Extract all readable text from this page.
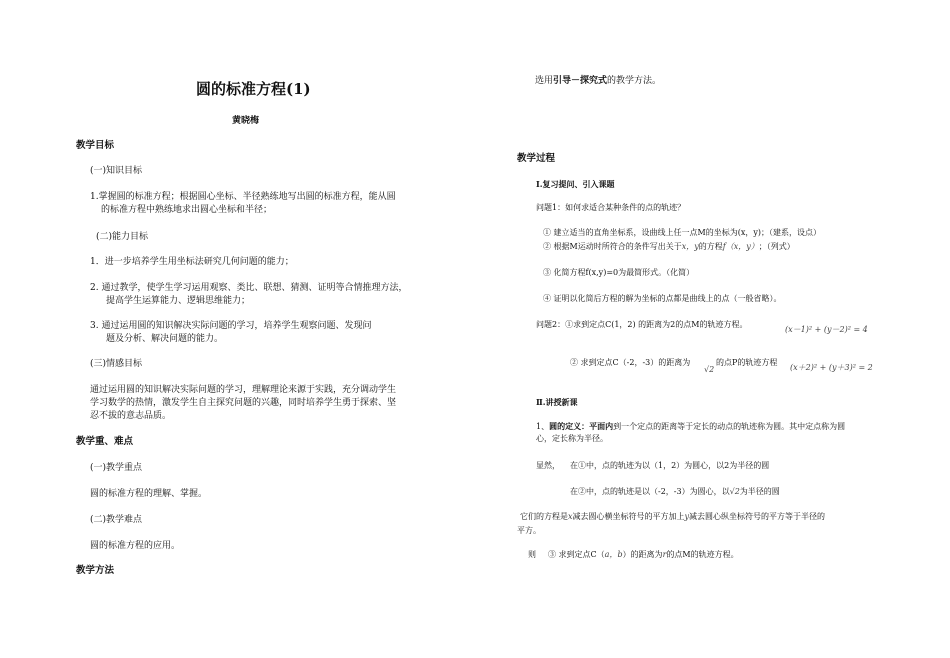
圆的标准方程(1)
黄晓梅
教学目标
(一)知识目标
1.掌握圆的标准方程；根据圆心坐标、半径熟练地写出圆的标准方程，能从圆
的标准方程中熟练地求出圆心坐标和半径；
(二)能力目标
1．进一步培养学生用坐标法研究几何问题的能力；
2. 通过教学，使学生学习运用观察、类比、联想、猜测、证明等合情推理方法，
提高学生运算能力、逻辑思维能力；
3. 通过运用圆的知识解决实际问题的学习，培养学生观察问题、发现问
题及分析、解决问题的能力。
(三)情感目标
通过运用圆的知识解决实际问题的学习，理解理论来源于实践，充分调动学生
学习数学的热情，激发学生自主探究问题的兴趣，同时培养学生勇于探索、坚
忍不拔的意志品质。
教学重、难点
(一)教学重点
圆的标准方程的理解、掌握。
(二)教学难点
圆的标准方程的应用。
教学方法
选用引导－探究式的教学方法。
教学过程
Ⅰ.复习提问、引入课题
问题1：如何求适合某种条件的点的轨迹？
① 建立适当的直角坐标系，设曲线上任一点M的坐标为(x，y)；（建系，设点）
② 根据M运动时所符合的条件写出关于x，y的方程f（x，y）；（列式）
③ 化简方程f(x,y)=0为最简形式。（化简）
④ 证明以化简后方程的解为坐标的点都是曲线上的点（一般省略）。
问题2：①求到定点C(1，2) 的距离为2的点M的轨迹方程。
(x－1)² + (y－2)² = 4
② 求到定点C（-2，-3）的距离为
√2
的点P的轨迹方程
(x＋2)² + (y＋3)² = 2
Ⅱ.讲授新课
1、圆的定义：平面内到一个定点的距离等于定长的动点的轨迹称为圆。其中定点称为圆
心，定长称为半径。
显然， 在①中，点的轨迹为以（1，2）为圆心，以2为半径的圆
在②中，点的轨迹是以（-2，-3）为圆心，以√2为半径的圆
它们的方程是x减去圆心横坐标符号的平方加上y减去圆心纵坐标符号的平方等于半径的
平方。
则 ③ 求到定点C（a，b）的距离为r的点M的轨迹方程。
